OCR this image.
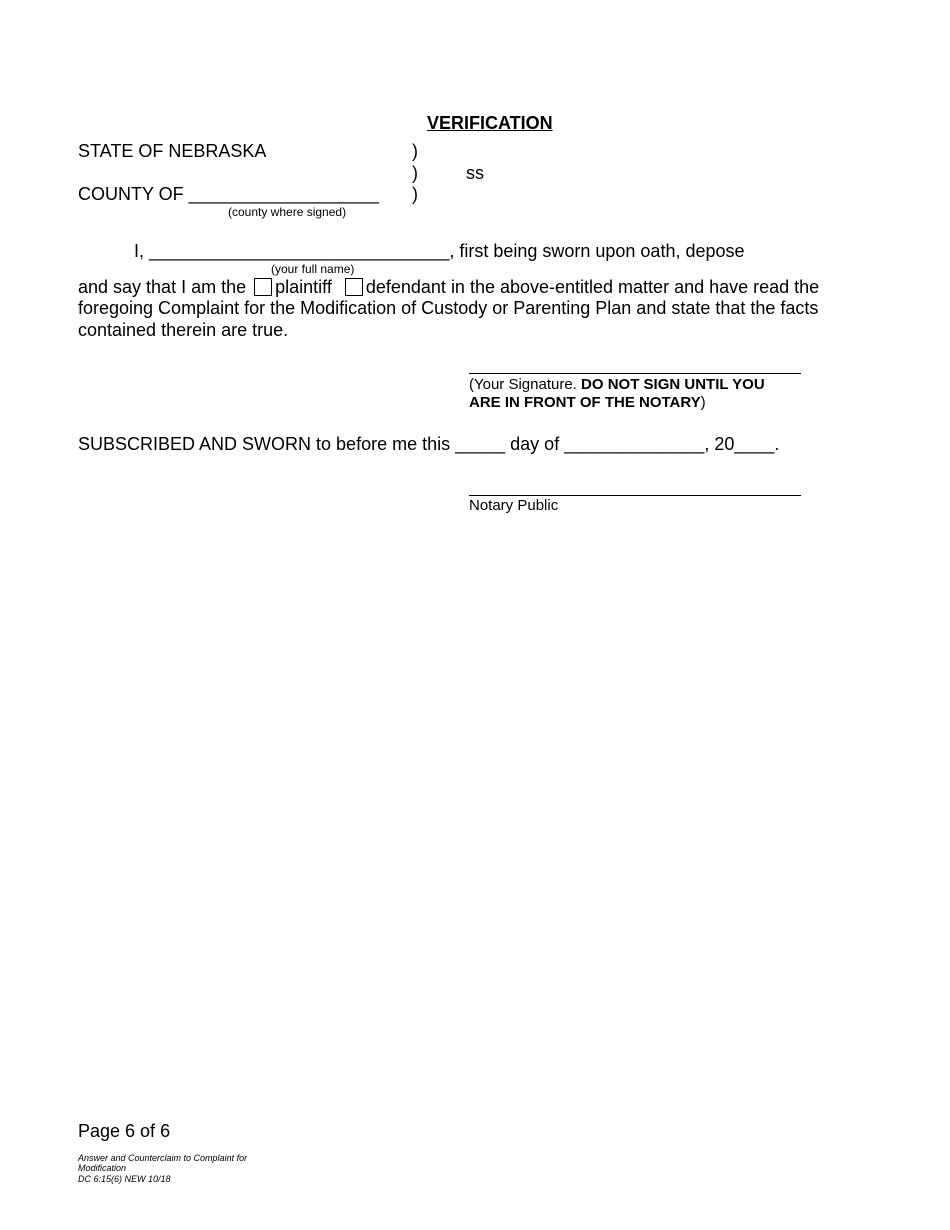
VERIFICATION
STATE OF NEBRASKA	)
)	ss
COUNTY OF ___________________ )
(county where signed)
I, ______________________________, first being sworn upon oath, depose
(your full name)
and say that I am the plaintiff defendant in the above-entitled matter and have read the
foregoing Complaint for the Modification of Custody or Parenting Plan and state that the facts
contained therein are true.
(Your Signature. DO NOT SIGN UNTIL YOU
ARE IN FRONT OF THE NOTARY)
SUBSCRIBED AND SWORN to before me this _____ day of ______________, 20____.
Notary Public
Page 6 of 6
Answer and Counterclaim to Complaint for
Modification
DC 6:15(6) NEW 10/18
